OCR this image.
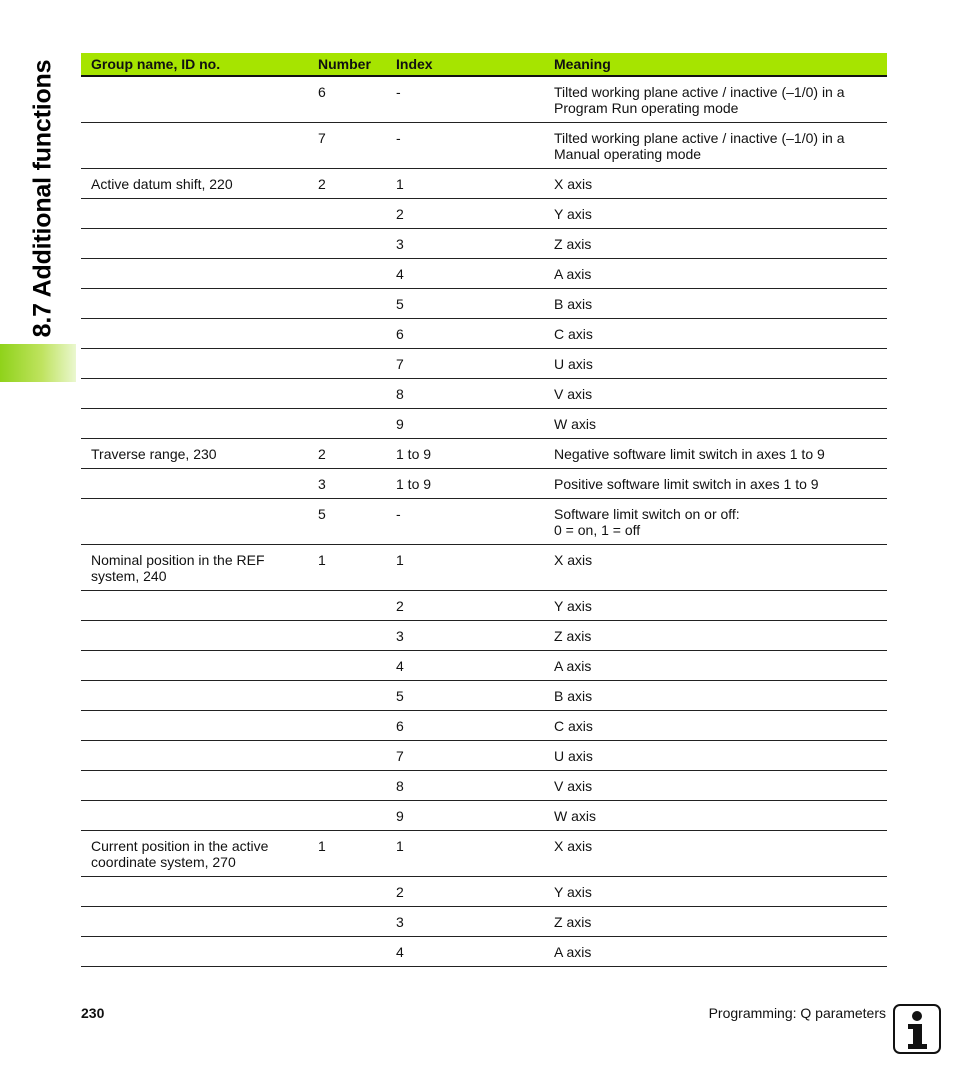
8.7 Additional functions Group name, ID no.	Number	Index	Meaning
	6	-	Tilted working plane active / inactive (–1/0) in a Program Run operating mode
	7	-	Tilted working plane active / inactive (–1/0) in a Manual operating mode
Active datum shift, 220	2	1	X axis
		2	Y axis
		3	Z axis
		4	A axis
		5	B axis
		6	C axis
		7	U axis
		8	V axis
		9	W axis
Traverse range, 230	2	1 to 9	Negative software limit switch in axes 1 to 9
	3	1 to 9	Positive software limit switch in axes 1 to 9
	5	-	Software limit switch on or off:
0 = on, 1 = off
Nominal position in the REF system, 240	1	1	X axis
		2	Y axis
		3	Z axis
		4	A axis
		5	B axis
		6	C axis
		7	U axis
		8	V axis
		9	W axis
Current position in the active coordinate system, 270	1	1	X axis
		2	Y axis
		3	Z axis
		4	A axis
230	Programming: Q parameters
